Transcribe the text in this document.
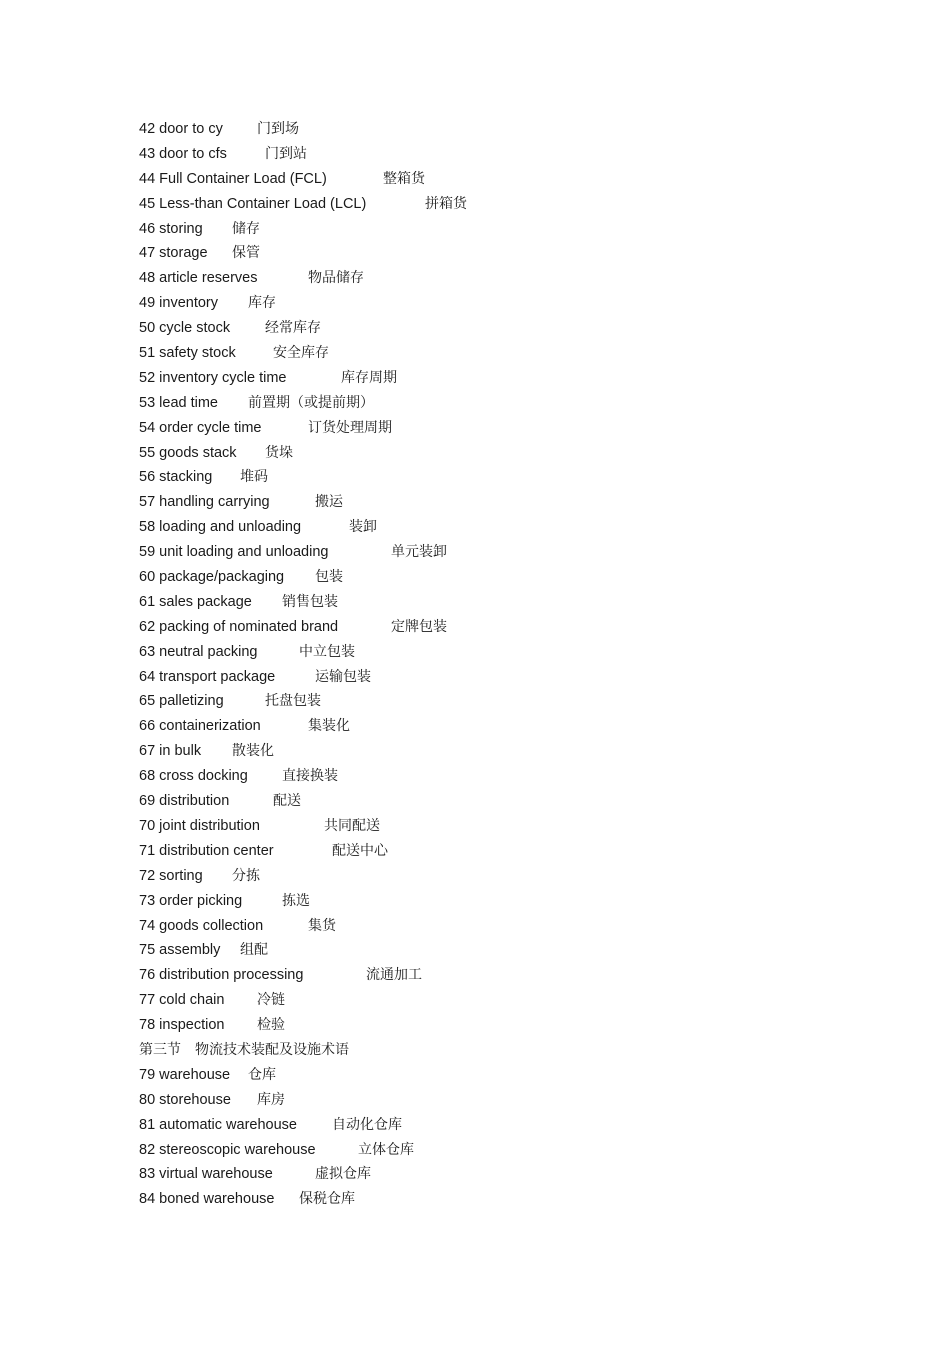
42 door to cy 门到场
43 door to cfs	门到站
44 Full Container Load (FCL)	整箱货
45 Less-than Container Load (LCL)	拼箱货
46 storing 储存
47 storage 保管
48 article reserves	物品储存
49 inventory 库存
50 cycle stock 经常库存
51 safety stock	安全库存
52 inventory cycle time	库存周期
53 lead time 前置期（或提前期）
54 order cycle time	订货处理周期
55 goods stack 货垛
56 stacking 堆码
57 handling carrying	搬运
58 loading and unloading	装卸
59 unit loading and unloading	单元装卸
60 package/packaging 包装
61 sales package 销售包装
62 packing of nominated brand	定牌包装
63 neutral packing	中立包装
64 transport package	运输包装
65 palletizing	托盘包装
66 containerization	集装化
67 in bulk 散装化
68 cross docking 直接换装
69 distribution	配送
70 joint distribution	共同配送
71 distribution center	配送中心
72 sorting 分拣
73 order picking	拣选
74 goods collection	集货
75 assembly 组配
76 distribution processing	流通加工
77 cold chain 冷链
78 inspection 检验
第三节　物流技术装配及设施术语
79 warehouse 仓库
80 storehouse 库房
81 automatic warehouse	自动化仓库
82 stereoscopic warehouse	立体仓库
83 virtual warehouse	虚拟仓库
84 boned warehouse 保税仓库
